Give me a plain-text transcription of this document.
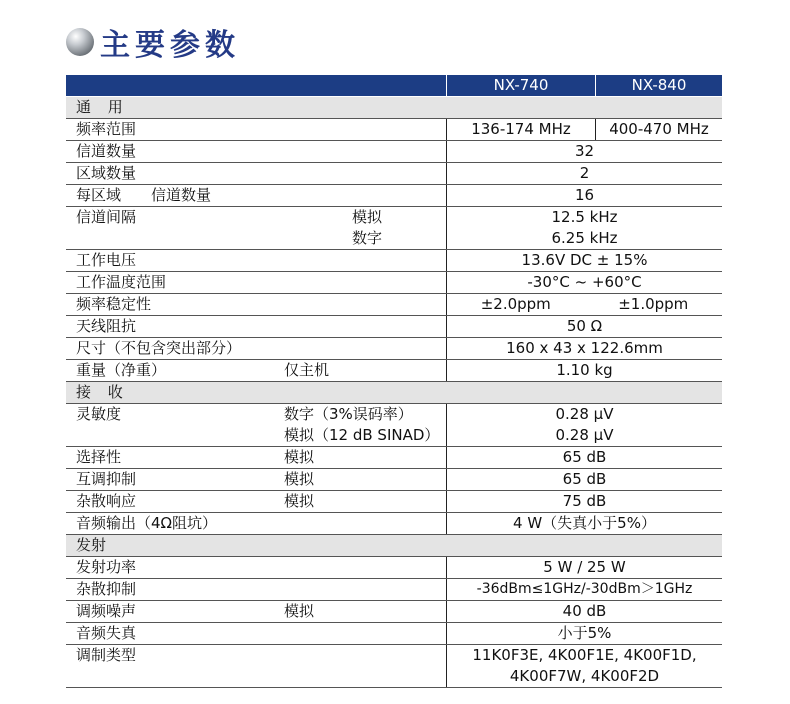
主要参数
		NX-740	NX-840
通 用			
频率范围		136-174 MHz	400-470 MHz
信道数量		32	
区域数量		2	
每区域 信道数量		16	
信道间隔	模拟	12.5 kHz	
	数字	6.25 kHz	
工作电压		13.6V DC ± 15%	
工作温度范围		-30°C ~ +60°C	
频率稳定性		±2.0ppm ±1.0ppm	

天线阻抗		50 Ω	
尺寸（不包含突出部分）		160 x 43 x 122.6mm	
重量（净重）	仅主机	1.10 kg	
接 收			
灵敏度	数字（3%误码率）	0.28 μV	
	模拟（12 dB SINAD）	0.28 μV	
选择性	模拟	65 dB	
互调抑制	模拟	65 dB	
杂散响应	模拟	75 dB	
音频输出（4Ω阻坑）		4 W（失真小于5%）	
发射			
发射功率		5 W / 25 W	
杂散抑制		-36dBm≤1GHz/-30dBm＞1GHz	
调频噪声	模拟	40 dB	
音频失真		小于5%	
调制类型		11K0F3E, 4K00F1E, 4K00F1D,
4K00F7W, 4K00F2D	
